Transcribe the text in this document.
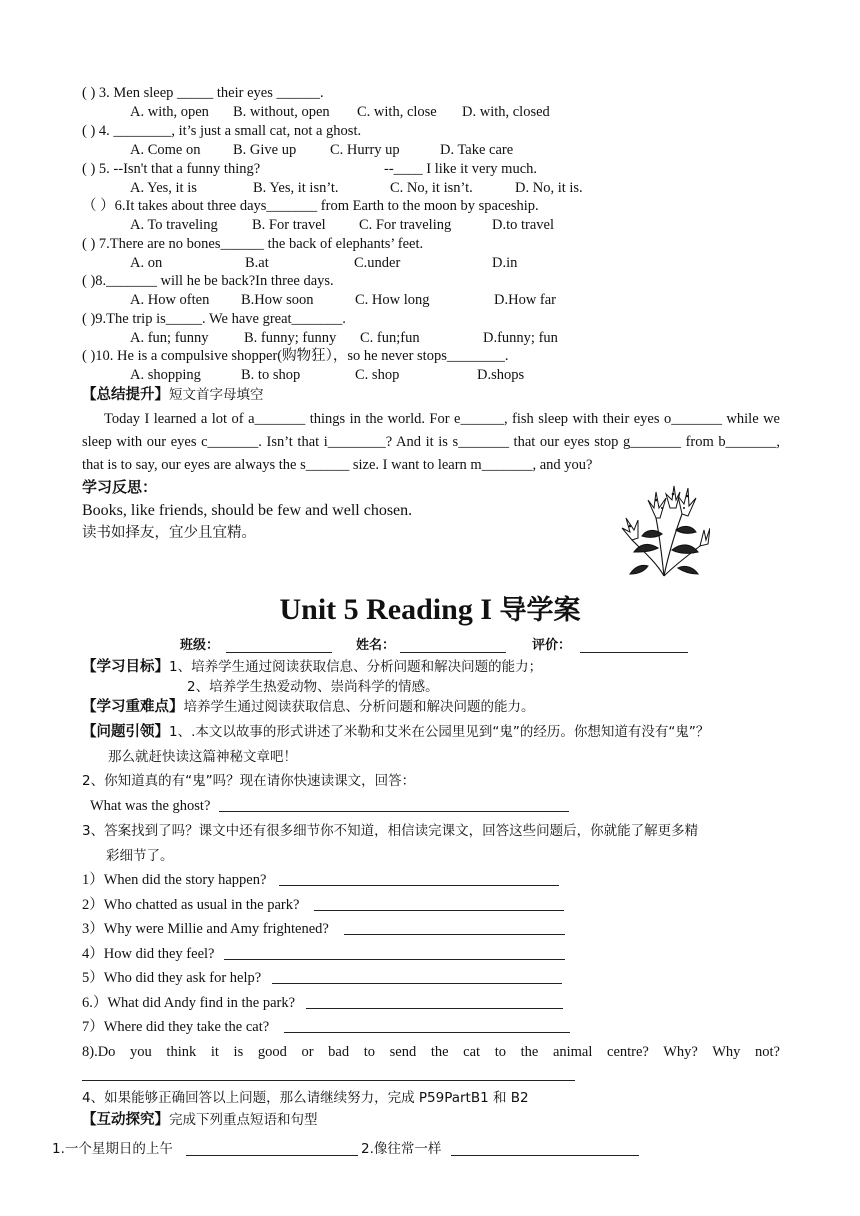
( ) 3. Men sleep _____ their eyes ______.
A. with, open B. without, open C. with, close D. with, closed
( ) 4. ________, it’s just a small cat, not a ghost.
A. Come on B. Give up C. Hurry up	D. Take care
( ) 5. --Isn't that a funny thing?	--____ I like it very much.
A. Yes, it is	B. Yes, it isn’t.	C. No, it isn’t.	D. No, it is.
（ ）6.It takes about three days_______ from Earth to the moon by spaceship.
A. To traveling B. For travel C. For traveling	D.to travel
( ) 7.There are no bones______ the back of elephants’ feet.
A. on	B.at	C.under	D.in
( )8._______ will he be back?In three days.
A. How often B.How soon	C. How long	D.How far
( )9.The trip is_____. We have great_______.
A. fun; funny B. funny; funny C. fun;fun	D.funny; fun
( )10. He is a compulsive shopper(购物狂），so he never stops________.
A. shopping	B. to shop	C. shop	D.shops
【总结提升】短文首字母填空
Today I learned a lot of a_______ things in the world. For e______, fish sleep with their eyes o_______ while we sleep with our eyes c_______. Isn’t that i________? And it is s_______ that our eyes stop g_______ from b_______, that is to say, our eyes are always the s______ size. I want to learn m_______, and you?
学习反思：
Books, like friends, should be few and well chosen.
读书如择友，宜少且宜精。
Unit 5 Reading I 导学案
班级：	姓名：	评价：
【学习目标】1、培养学生通过阅读获取信息、分析问题和解决问题的能力；
2、培养学生热爱动物、崇尚科学的情感。
【学习重难点】培养学生通过阅读获取信息、分析问题和解决问题的能力。
【问题引领】1、.本文以故事的形式讲述了米勒和艾米在公园里见到“鬼”的经历。你想知道有没有“鬼”？
那么就赶快读这篇神秘文章吧！
2、你知道真的有“鬼”吗？现在请你快速读课文，回答：
What was the ghost?
3、答案找到了吗？课文中还有很多细节你不知道，相信读完课文，回答这些问题后，你就能了解更多精
彩细节了。
1）When did the story happen?
2）Who chatted as usual in the park?
3）Why were Millie and Amy frightened?
4）How did they feel?
5）Who did they ask for help?
6.）What did Andy find in the park?
7）Where did they take the cat?
8).Do you think it is good or bad to send the cat to the animal centre? Why? Why not?
4、如果能够正确回答以上问题，那么请继续努力，完成 P59PartB1 和 B2
【互动探究】完成下列重点短语和句型
1.一个星期日的上午	2.像往常一样
